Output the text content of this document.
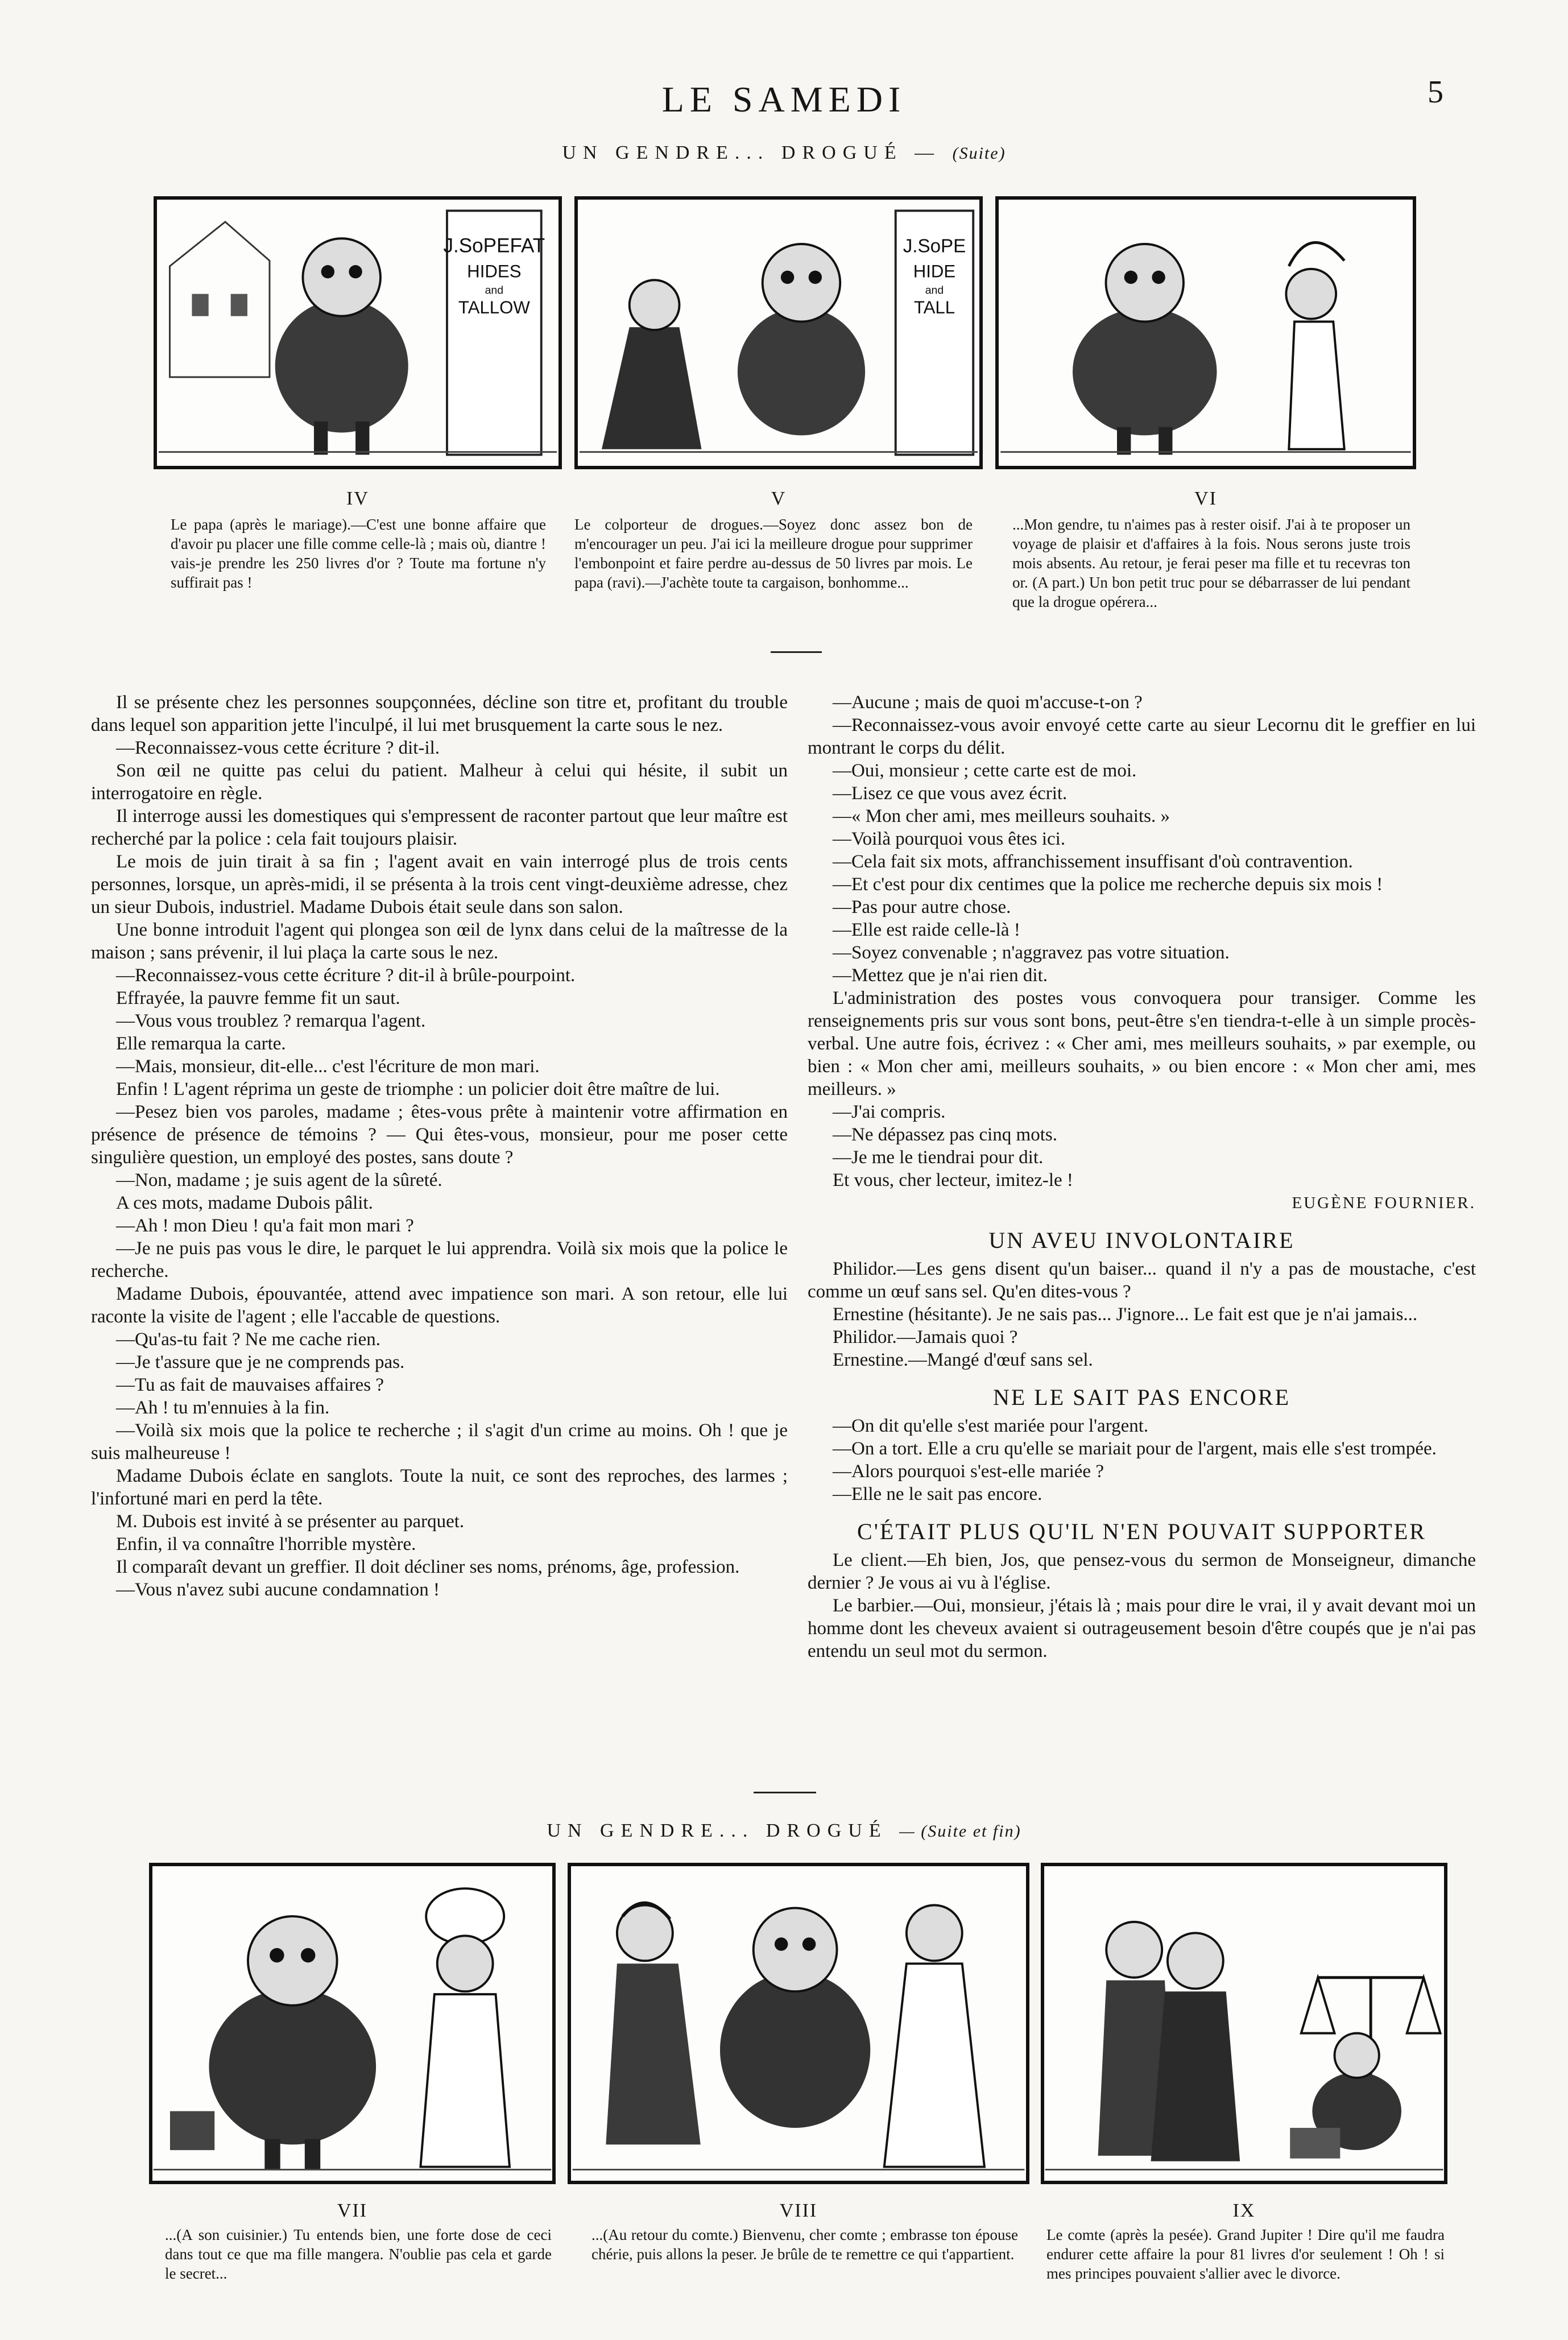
LE SAMEDI	5
UN GENDRE... DROGUÉ — (Suite)
J.SoPEFAT
HIDES
and
TALLOW
J.SoPE
HIDE
and
TALL
IV
Le papa (après le mariage).—C'est une bonne affaire que d'avoir pu placer une fille comme celle-là ; mais où, diantre ! vais-je prendre les 250 livres d'or ? Toute ma fortune n'y suffirait pas !
V
Le colporteur de drogues.—Soyez donc assez bon de m'encourager un peu. J'ai ici la meilleure drogue pour supprimer l'embonpoint et faire perdre au-dessus de 50 livres par mois. Le papa (ravi).—J'achète toute ta cargaison, bonhomme...
VI
...Mon gendre, tu n'aimes pas à rester oisif. J'ai à te proposer un voyage de plaisir et d'affaires à la fois. Nous serons juste trois mois absents. Au retour, je ferai peser ma fille et tu recevras ton or. (A part.) Un bon petit truc pour se débarrasser de lui pendant que la drogue opérera...

Il se présente chez les personnes soupçonnées, décline son titre et, profitant du trouble dans lequel son apparition jette l'inculpé, il lui met brusquement la carte sous le nez.

—Reconnaissez-vous cette écriture ? dit-il.

Son œil ne quitte pas celui du patient. Malheur à celui qui hésite, il subit un interrogatoire en règle.

Il interroge aussi les domestiques qui s'empressent de raconter partout que leur maître est recherché par la police : cela fait toujours plaisir.

Le mois de juin tirait à sa fin ; l'agent avait en vain interrogé plus de trois cents personnes, lorsque, un après-midi, il se présenta à la trois cent vingt-deuxième adresse, chez un sieur Dubois, industriel. Madame Dubois était seule dans son salon.

Une bonne introduit l'agent qui plongea son œil de lynx dans celui de la maîtresse de la maison ; sans prévenir, il lui plaça la carte sous le nez.

—Reconnaissez-vous cette écriture ? dit-il à brûle-pourpoint.

Effrayée, la pauvre femme fit un saut.

—Vous vous troublez ? remarqua l'agent.

Elle remarqua la carte.

—Mais, monsieur, dit-elle... c'est l'écriture de mon mari.

Enfin ! L'agent réprima un geste de triomphe : un policier doit être maître de lui.

—Pesez bien vos paroles, madame ; êtes-vous prête à maintenir votre affirmation en présence de présence de témoins ? — Qui êtes-vous, monsieur, pour me poser cette singulière question, un employé des postes, sans doute ?

—Non, madame ; je suis agent de la sûreté.

A ces mots, madame Dubois pâlit.

—Ah ! mon Dieu ! qu'a fait mon mari ?

—Je ne puis pas vous le dire, le parquet le lui apprendra. Voilà six mois que la police le recherche.

Madame Dubois, épouvantée, attend avec impatience son mari. A son retour, elle lui raconte la visite de l'agent ; elle l'accable de questions.

—Qu'as-tu fait ? Ne me cache rien.

—Je t'assure que je ne comprends pas.

—Tu as fait de mauvaises affaires ?

—Ah ! tu m'ennuies à la fin.

—Voilà six mois que la police te recherche ; il s'agit d'un crime au moins. Oh ! que je suis malheureuse !

Madame Dubois éclate en sanglots. Toute la nuit, ce sont des reproches, des larmes ; l'infortuné mari en perd la tête.

M. Dubois est invité à se présenter au parquet.

Enfin, il va connaître l'horrible mystère.

Il comparaît devant un greffier. Il doit décliner ses noms, prénoms, âge, profession.

—Vous n'avez subi aucune condamnation !

—Aucune ; mais de quoi m'accuse-t-on ?

—Reconnaissez-vous avoir envoyé cette carte au sieur Lecornu dit le greffier en lui montrant le corps du délit.

—Oui, monsieur ; cette carte est de moi.

—Lisez ce que vous avez écrit.

—« Mon cher ami, mes meilleurs souhaits. »

—Voilà pourquoi vous êtes ici.

—Cela fait six mots, affranchissement insuffisant d'où contravention.

—Et c'est pour dix centimes que la police me recherche depuis six mois !

—Pas pour autre chose.

—Elle est raide celle-là !

—Soyez convenable ; n'aggravez pas votre situation.

—Mettez que je n'ai rien dit.

L'administration des postes vous convoquera pour transiger. Comme les renseignements pris sur vous sont bons, peut-être s'en tiendra-t-elle à un simple procès-verbal. Une autre fois, écrivez : « Cher ami, mes meilleurs souhaits, » par exemple, ou bien : « Mon cher ami, meilleurs souhaits, » ou bien encore : « Mon cher ami, mes meilleurs. »

—J'ai compris.

—Ne dépassez pas cinq mots.

—Je me le tiendrai pour dit.

Et vous, cher lecteur, imitez-le !

EUGÈNE FOURNIER.
UN AVEU INVOLONTAIRE

Philidor.—Les gens disent qu'un baiser... quand il n'y a pas de moustache, c'est comme un œuf sans sel. Qu'en dites-vous ?

Ernestine (hésitante). Je ne sais pas... J'ignore... Le fait est que je n'ai jamais...

Philidor.—Jamais quoi ?

Ernestine.—Mangé d'œuf sans sel.

NE LE SAIT PAS ENCORE

—On dit qu'elle s'est mariée pour l'argent.

—On a tort. Elle a cru qu'elle se mariait pour de l'argent, mais elle s'est trompée.

—Alors pourquoi s'est-elle mariée ?

—Elle ne le sait pas encore.

C'ÉTAIT PLUS QU'IL N'EN POUVAIT SUPPORTER

Le client.—Eh bien, Jos, que pensez-vous du sermon de Monseigneur, dimanche dernier ? Je vous ai vu à l'église.

Le barbier.—Oui, monsieur, j'étais là ; mais pour dire le vrai, il y avait devant moi un homme dont les cheveux avaient si outrageusement besoin d'être coupés que je n'ai pas entendu un seul mot du sermon.

UN GENDRE... DROGUÉ — (Suite et fin)
VII
...(A son cuisinier.) Tu entends bien, une forte dose de ceci dans tout ce que ma fille mangera. N'oublie pas cela et garde le secret...
VIII
...(Au retour du comte.) Bienvenu, cher comte ; embrasse ton épouse chérie, puis allons la peser. Je brûle de te remettre ce qui t'appartient.
IX
Le comte (après la pesée). Grand Jupiter ! Dire qu'il me faudra endurer cette affaire la pour 81 livres d'or seulement ! Oh ! si mes principes pouvaient s'allier avec le divorce.
